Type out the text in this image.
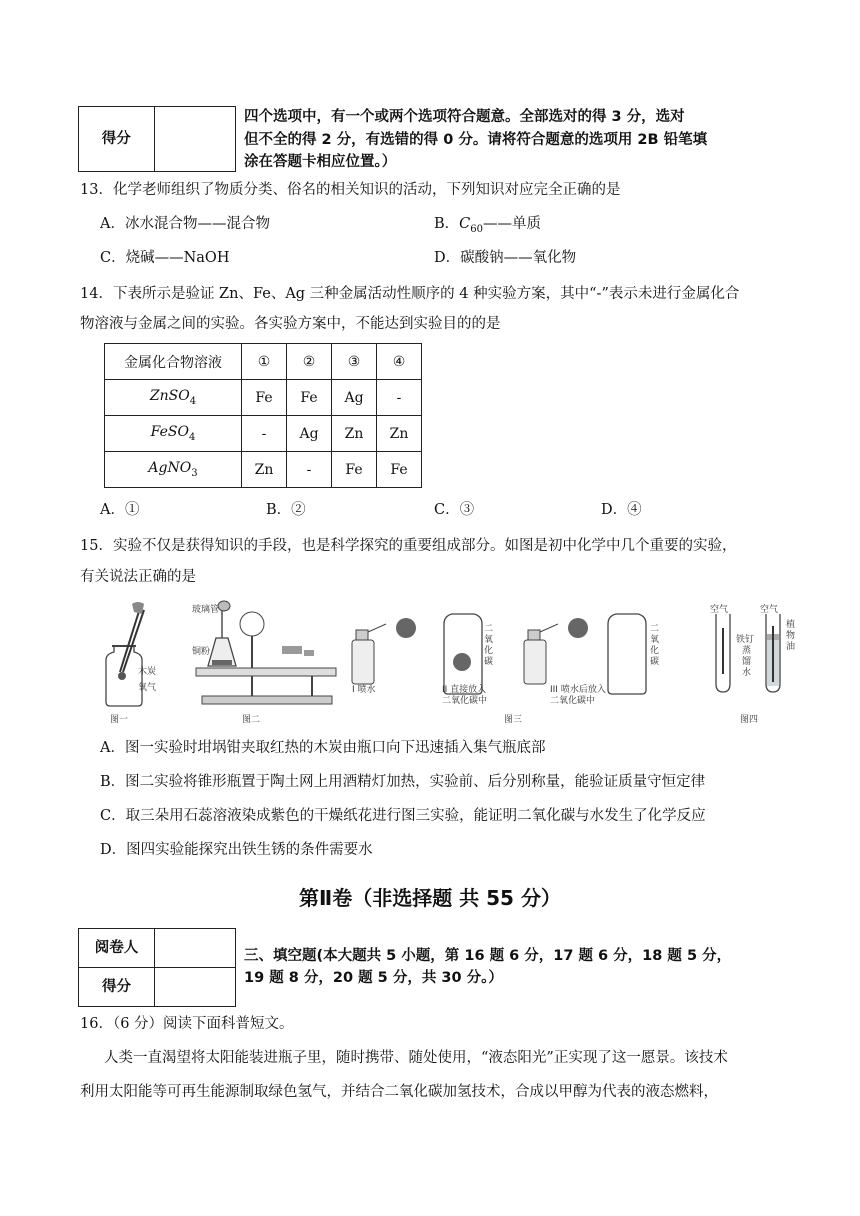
得分	
四个选项中，有一个或两个选项符合题意。全部选对的得 3 分，选对
但不全的得 2 分，有选错的得 0 分。请将符合题意的选项用 2B 铅笔填
涂在答题卡相应位置。）
13．化学老师组织了物质分类、俗名的相关知识的活动，下列知识对应完全正确的是
A．冰水混合物——混合物	B．$C_{60}——$单质
C．烧碱——NaOH	D．碳酸钠——氧化物
14．下表所示是验证 Zn、Fe、Ag 三种金属活动性顺序的 4 种实验方案，其中“-”表示未进行金属化合
物溶液与金属之间的实验。各实验方案中，不能达到实验目的的是
金属化合物溶液	①	②	③	④
ZnSO$_4$	Fe	Fe	Ag	-
FeSO$_4$	-	Ag	Zn	Zn
AgNO$_3$	Zn	-	Fe	Fe
A．①	B．②	C．③	D．④
15．实验不仅是获得知识的手段，也是科学探究的重要组成部分。如图是初中化学中几个重要的实验，
有关说法正确的是
木炭
氧气
图一
玻璃管
铜粉
图二
二氧化碳
二氧化碳
I 喷水	II 直接放入
二氧化碳中
III 喷水后放入
二氧化碳中
图三
空气	空气
铁钉
蒸馏水
植物油
图四
A．图一实验时坩埚钳夹取红热的木炭由瓶口向下迅速插入集气瓶底部
B．图二实验将锥形瓶置于陶土网上用酒精灯加热，实验前、后分别称量，能验证质量守恒定律
C．取三朵用石蕊溶液染成紫色的干燥纸花进行图三实验，能证明二氧化碳与水发生了化学反应
D．图四实验能探究出铁生锈的条件需要水
第Ⅱ卷（非选择题 共 55 分）
阅卷人	
得分	
三、填空题(本大题共 5 小题，第 16 题 6 分，17 题 6 分，18 题 5 分，
19 题 8 分，20 题 5 分，共 30 分。）
16．（6 分）阅读下面科普短文。
人类一直渴望将太阳能装进瓶子里，随时携带、随处使用，“液态阳光”正实现了这一愿景。该技术
利用太阳能等可再生能源制取绿色氢气，并结合二氧化碳加氢技术，合成以甲醇为代表的液态燃料，
